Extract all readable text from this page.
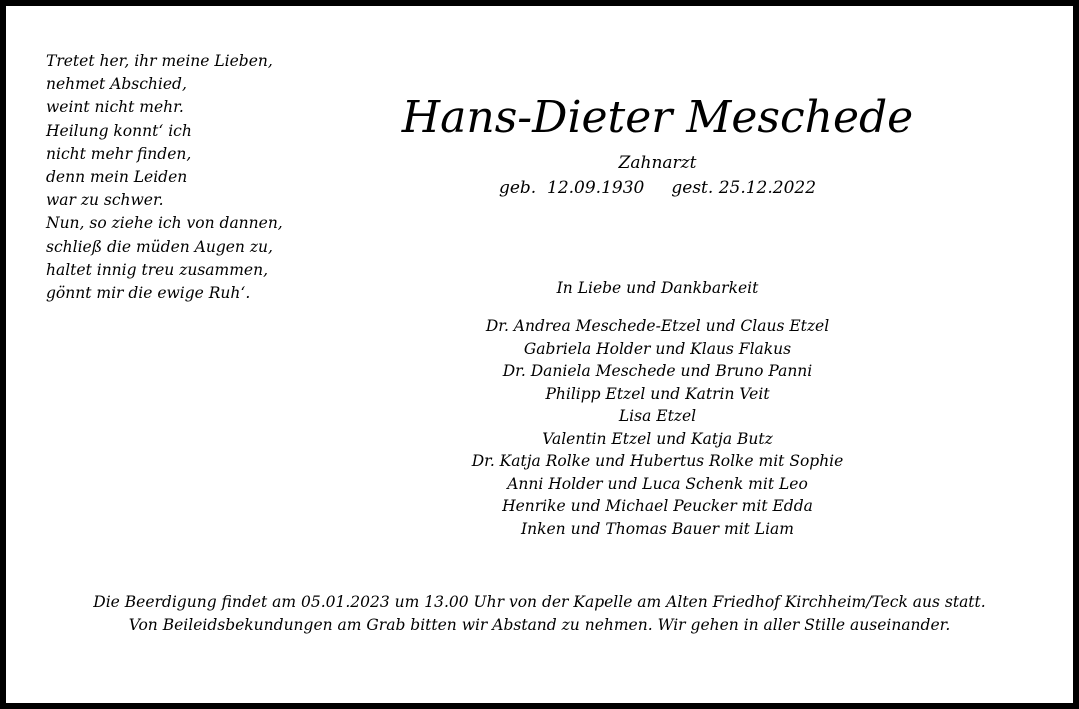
Tretet her, ihr meine Lieben,
nehmet Abschied,
weint nicht mehr.
Heilung konnt‘ ich
nicht mehr finden,
denn mein Leiden
war zu schwer.
Nun, so ziehe ich von dannen,
schließ die müden Augen zu,
haltet innig treu zusammen,
gönnt mir die ewige Ruh‘.
Hans-Dieter Meschede
Zahnarzt
geb. 12.09.1930 gest. 25.12.2022
In Liebe und Dankbarkeit
Dr. Andrea Meschede-Etzel und Claus Etzel
Gabriela Holder und Klaus Flakus
Dr. Daniela Meschede und Bruno Panni
Philipp Etzel und Katrin Veit
Lisa Etzel
Valentin Etzel und Katja Butz
Dr. Katja Rolke und Hubertus Rolke mit Sophie
Anni Holder und Luca Schenk mit Leo
Henrike und Michael Peucker mit Edda
Inken und Thomas Bauer mit Liam
Die Beerdigung findet am 05.01.2023 um 13.00 Uhr von der Kapelle am Alten Friedhof Kirchheim/Teck aus statt.
Von Beileidsbekundungen am Grab bitten wir Abstand zu nehmen. Wir gehen in aller Stille auseinander.
